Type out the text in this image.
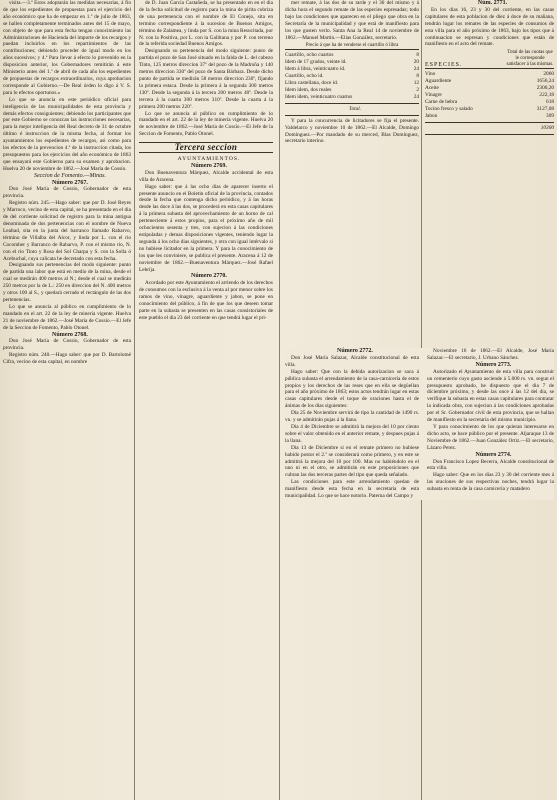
visita.—3.ª Estos adoptarán las medidas necesarias, á fin de que los espedientes de propuestas para el ejercicio del año económico que ha de empezar en 1.º de julio de 1863, se hallen completamente terminados antes del 15 de mayo, con objeto de que para esta fecha tengan conocimiento las Administraciones de Hacienda del importe de los recargos y puedan incluirlos en los repartimientos de las contribuciones; debiendo proceder de igual modo en los años sucesivos; y 4.ª Para llevar á efecto lo prevenido en la disposicion anterior, los Gobernadores remitirán á este Ministerio antes del 1.º de abril de cada año los espedientes de propuestas de recargos extraordinarios, cuya aprobacion corresponde al Gobierno.—De Real órden lo digo á V. S. para lo efectos oportunos.»

Lo que se anuncia en este periódico oficial para inteligencia de las municipalidades de esta provincia y demás efectos consiguientes; debiendo los participantes que por este Gobierno se conozcan las instrucciones necesarias, para la mejor inteligencia del Real decreto de 31 de octubre último é instruccion de la misma fecha, al formar los ayuntamientos los espedientes de recargos, asi como para los efectos de la prevencion 4.ª de la instruccion citada, los presupuestos para los ejercicios del año económico de 1863 que ensayará este Gobierno para su examen y aprobacion. Huelva 20 de noviembre de 1862.—José María de Cossío.

Seccion de Fomento.—Minas.

Número 2767.

Don José María de Cossío, Gobernador de esta provincia.

Registro núm. 245.—Hago saber: que por D. José Reyes y Marroco, vecino de esta capital, se ha presentado en el dia de del corriente solicitud de registro para la mina antigua denominada de dos pertenencias con el nombre de Nueva Lealtad, sita en la junta del barranco llamado Rabarvo, término de Villalba del Alcor, y linda por L. con el rio Cocomber y Barranco de Rabarvo, P. con el mismo rio, N. con el rio Tinto y Rosa del Sol Charpa y S. con la Solla ó Acebuchal, cuya calicata he decretado con esta fecha.

Designando sus pertenencias del modo siguiente: punto de partida una labor que está en medio de la mina, desde el cual se medirán 400 metros al N.; desde el cual se medirán 250 metros por la de L.: 250 en direccion del N. 400 metros y otros 100 al S., y quedará cerrado el rectángulo de las dos pertenencias.

Lo que se anuncia al público en cumplimiento de lo mandado en el art. 22 de la ley de minería vigente. Huelva 21 de noviembre de 1862.—José María de Cossío.—El Jefe de la Seccion de Fomento, Pablo Otonel.

Número 2768.

Don José María de Cossío, Gobernador de esta provincia.

Registro núm. 248.—Hago saber: que por D. Bartolomé Cifra, vecino de esta capital, en nombre

de D. Juan García Castañeda, se ha presentado en en el dia de la fecha solicitud de registro para la mina de pirita cobriza de una pertenencia con el nombre de El Conejo, sita en termino correspondiente á la sucesion de Buenos Amigos, término de Zalamea, y linda por S. con la mina Resucitada, por N. con la Positiva, por L. con la Gallitana y por P. con terreno de la referida sociedad Buenos Amigos.

Designando su pertenencia del modo siguiente: punto de partida el pozo de San José situado en la falda de L. del cabezo Tinto, 125 metros direccion 37º del pozo de la Madroña y 140 metros direccion 330º del pozo de Santa Bárbara. Desde dicho punto de partida se medirán 58 metros direccion 230º, fijando la primera estaca. Desde la primera á la segunda 300 metros 130º. Desde la segunda á la tercera 200 metros 40º. Desde la tercera á la cuarta 300 metros 310º. Desde la cuarta á la primera 200 metros 220º.

Lo que se anuncia al público en cumplimiento de lo mandado en el art. 22 de la ley de minería vigente. Huelva 20 de noviembre de 1862.—José María de Cossío.—El Jefe de la Seccion de Fomento, Pablo Otonel.

Tercera seccion

AYUNTAMIENTOS.

Número 2769.

Don Buenaventura Márquez, Alcalde accidental de esta villa de Aracena.

Hago saber: que á las ocho dias de aparecer inserto el presente anuncio en el Boletin oficial de la provincia, contados desde la fecha que contenga dicho periódico, y á las horas desde las doce á las dos, se procederá en esta casas capitulares á la primera subasta del aprovechamiento de un horno de cal perteneciente á estos propios, para el próximo año de mil ochocientos sesenta y tres, con sujecion á las condiciones estipuladas y demas disposiciones vigentes, teniendo lugar la segunda á los ocho dias siguientes, y otra con igual intérvalo si no hubiese licitador en la primera. Y para la conocimiento de los que les conviniere, se publica el presente. Aracena á 12 de noviembre de 1862.—Buenaventura Márquez.—José Rafael Lebrija.

Número 2770.

Acordado por este Ayuntamiento el arriendo de los derechos de consumos con la esclusiva á la venta al por menor sobre los ramos de vino, vinagre, aguardiente y jabon, se pone en conocimiento del público, á fin de que los que deseen tomar parte en la subasta se presenten en las casas consistoriales de este pueblo el dia 23 del corriente en que tendrá lugar el pri-

mer remate, á las dos de su tarde y el 30 del mismo y á dicha hora el segundo remate de las especies espresadas; todo bajo las condiciones que aparecen en el pliego que obra en la Secretaría de la municipalidad y que está de manifiesto para los que gusten verlo. Santa Ana la Real 14 de noviembre de 1862.—Manuel Martin.—Elias González, secretario.

Precio á que ha de venderse el cuartillo ó libra
Cuartillo, ocho cuartos	8
Idem de 17 grados, veinte id.	20
Idem á libra, veinticuatro id.	24
Cuartillo, ocho id.	8
Libra castellana, doce id.	12
Idem idem, dos reales	2
Idem idem, veinticuatro cuartos	24

Total.

Y para la concurrencia de licitadores se fija el presente. Valdelarco y noviembre 10 de 1862.—El Alcalde, Domingo Domínguez.—Por mandado de su merced, Blas Domínguez, secretario interino.

Núm. 2771.

En los dias 16, 23 y 30 del corriente, en las casas capitulares de esta poblacion de diez á doce de su mañana, tendrán lugar los remates de las especies de consumos de esta villa para el año próximo de 1863, bajo los tipos que á continuacion se espresan y condiciones que están de manifiesto en el acto del remate.

ESPECIES.
Total de las cuotas que le corresponde satisfacer á las mismas.
Vino	2060
Aguardiente	1656,24
Aceite	2300,20
Vinagre	222,18
Carne de hebra	618
Tocino fresco y salado	3127,08
Jabon	309

10300

Número 2772.

Don José María Salazar, Alcalde constitucional de esta villa.

Hago saber: Que con la debida autorizacion se saca á pública subasta el arrendamiento de la casa-carnicería de estos propios y los derechos de las reses que en ella se degüellan para el año próximo de 1863; estos actos tendrán lugar en estas casas capitulares desde el toque de oraciones hasta el de ánimas de los dias siguientes:

Dia 25 de Noviembre servirá de tipo la cantidad de 1490 rs. vn. y se admitirán pujas á la llana.

Dia 4 de Diciembre se admitirá la mejora del 10 por ciento sobre el valor obtenido en el anterior remate, y despues pujas á la llana.

Dia 13 de Diciembre si en el remate primero no hubiese habido postor el 2.º se considerará como primero, y en este se admitirá la mejora del 10 por 100. Mas no habiéndolo en el uno ni en el otro, se admitirán en este proposiciones que cubran las dos terceras partes del tipo que queda señalado.

Las condiciones para este arrendamiento quedan de manifiesto desde esta fecha en la secretaría de esta municipalidad. Lo que se hace notorio. Paterna del Campo y

Noviembre 16 de 1862.—El Alcalde, José María Salazar.—El secretario, J. Urbano Sánchez.

Número 2773.

Autorizado el Ayuntamiento de esta villa para construir un cementerio cuyo gasto asciende á 5.000 rs. vn. segun el presupuesto aprobado, he dispuesto que el dia 7 de diciembre próximo, y desde las once á las 12 del dia, se verifique la subasta en estas casas capitulares para contratar la indicada obra, con sujecion á las condiciones aprobadas por el Sr. Gobernador civil de esta provincia, que se hallan de manifiesto en la secretaría del mismo municipio.

Y para conocimiento de los que quieran interesarse en dicho acto, se hace público por el presente. Aljaraque 13 de Noviembre de 1862.—Juan González Ortiz.—El secretario, Lázaro Perez.

Número 2774.

Don Francisco Lopez Becerra, Alcalde constitucional de esta villa.

Hago saber: Que en los dias 23 y 30 del corriente mes á las oraciones de sus respectivas noches, tendrá lugar la subasta en renta de la casa carnicería y matadero
